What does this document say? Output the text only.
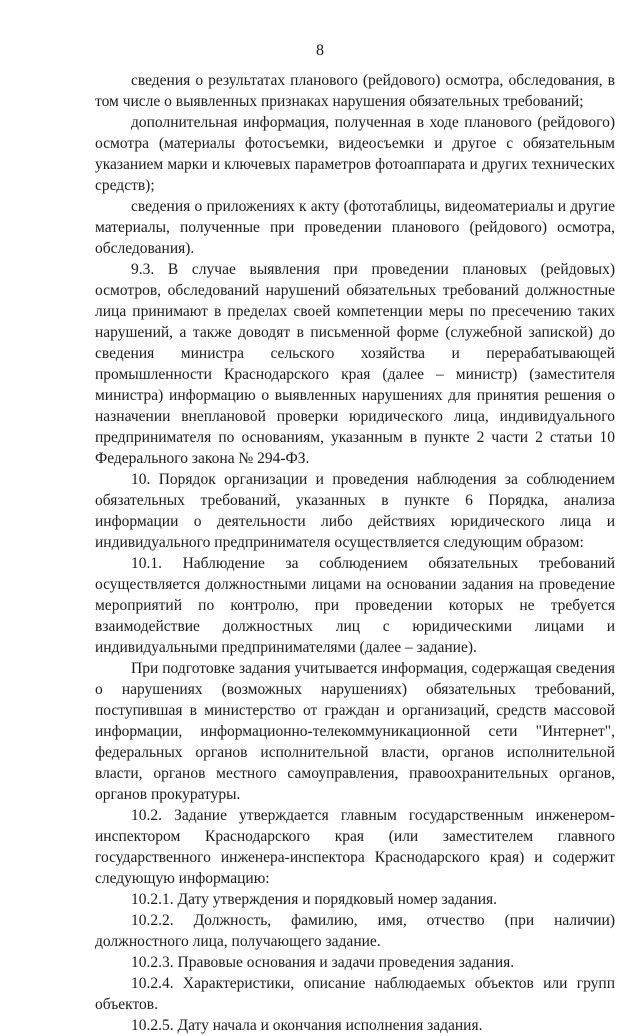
8

сведения о результатах планового (рейдового) осмотра, обследования, в том числе о выявленных признаках нарушения обязательных требований;

дополнительная информация, полученная в ходе планового (рейдового) осмотра (материалы фотосъемки, видеосъемки и другое с обязательным указанием марки и ключевых параметров фотоаппарата и других технических средств);

сведения о приложениях к акту (фототаблицы, видеоматериалы и другие материалы, полученные при проведении планового (рейдового) осмотра, обследования).

9.3. В случае выявления при проведении плановых (рейдовых) осмотров, обследований нарушений обязательных требований должностные лица принимают в пределах своей компетенции меры по пресечению таких нарушений, а также доводят в письменной форме (служебной запиской) до сведения министра сельского хозяйства и перерабатывающей промышленности Краснодарского края (далее – министр) (заместителя министра) информацию о выявленных нарушениях для принятия решения о назначении внеплановой проверки юридического лица, индивидуального предпринимателя по основаниям, указанным в пункте 2 части 2 статьи 10 Федерального закона № 294-ФЗ.

10. Порядок организации и проведения наблюдения за соблюдением обязательных требований, указанных в пункте 6 Порядка, анализа информации о деятельности либо действиях юридического лица и индивидуального предпринимателя осуществляется следующим образом:

10.1. Наблюдение за соблюдением обязательных требований осуществляется должностными лицами на основании задания на проведение мероприятий по контролю, при проведении которых не требуется взаимодействие должностных лиц с юридическими лицами и индивидуальными предпринимателями (далее – задание).

При подготовке задания учитывается информация, содержащая сведения о нарушениях (возможных нарушениях) обязательных требований, поступившая в министерство от граждан и организаций, средств массовой информации, информационно-телекоммуникационной сети "Интернет", федеральных органов исполнительной власти, органов исполнительной власти, органов местного самоуправления, правоохранительных органов, органов прокуратуры.

10.2. Задание утверждается главным государственным инженером-инспектором Краснодарского края (или заместителем главного государственного инженера-инспектора Краснодарского края) и содержит следующую информацию:

10.2.1. Дату утверждения и порядковый номер задания.

10.2.2. Должность, фамилию, имя, отчество (при наличии) должностного лица, получающего задание.

10.2.3. Правовые основания и задачи проведения задания.

10.2.4. Характеристики, описание наблюдаемых объектов или групп объектов.

10.2.5. Дату начала и окончания исполнения задания.
